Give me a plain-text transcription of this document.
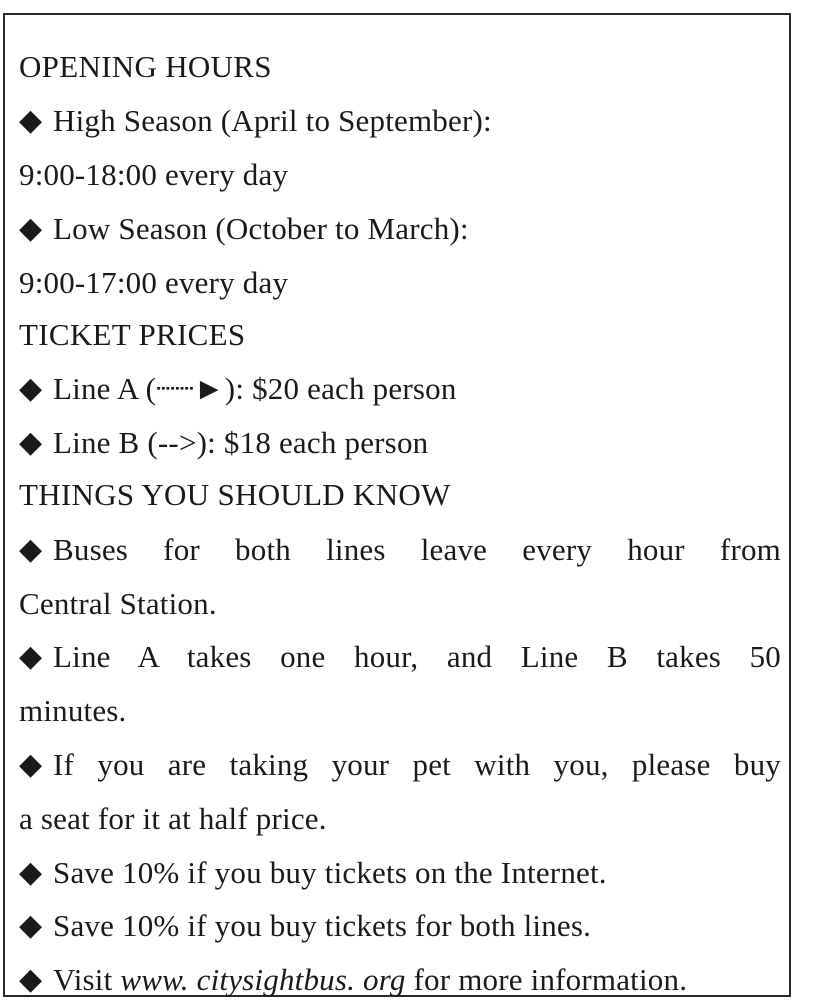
OPENING HOURS
◆ High Season (April to September):
9:00-18:00 every day
◆ Low Season (October to March):
9:00-17:00 every day
TICKET PRICES
◆ Line A (┈┈►): $20 each person
◆ Line B (-->): $18 each person
THINGS YOU SHOULD KNOW
◆ Buses for both lines leave every hour from
Central Station.
◆ Line A takes one hour, and Line B takes 50
minutes.
◆ If you are taking your pet with you, please buy
a seat for it at half price.
◆ Save 10% if you buy tickets on the Internet.
◆ Save 10% if you buy tickets for both lines.
◆ Visit www. citysightbus. org for more information.
